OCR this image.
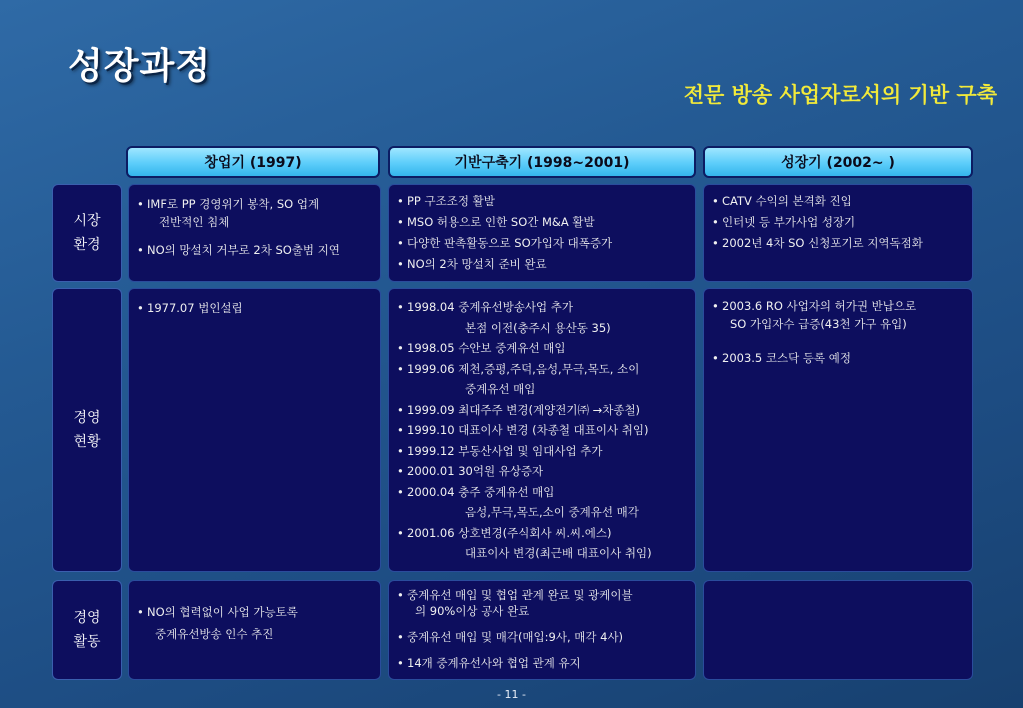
성장과정
전문 방송 사업자로서의 기반 구축
창업기 (1997)	기반구축기 (1998~2001)	성장기 (2002~ )
시장
환경
경영
현황
경영
활동
• IMF로 PP 경영위기 봉착, SO 업계
전반적인 침체
• NO의 망설치 거부로 2차 SO출범 지연
• PP 구조조정 활발
• MSO 허용으로 인한 SO간 M&A 활발
• 다양한 판촉활동으로 SO가입자 대폭증가
• NO의 2차 망설치 준비 완료
• CATV 수익의 본격화 진입
• 인터넷 등 부가사업 성장기
• 2002년 4차 SO 신청포기로 지역독점화
• 1977.07 법인설립
•	1998.04 중계유선방송사업 추가
본점 이전(충주시 용산동 35)
• 1998.05 수안보 중계유선 매입
• 1999.06 제천,증평,주덕,음성,무극,목도, 소이
중계유선 매입
• 1999.09 최대주주 변경(계양전기㈜ →차종철)
• 1999.10 대표이사 변경 (차종철 대표이사 취임)
• 1999.12 부동산사업 및 임대사업 추가
• 2000.01 30억원 유상증자
• 2000.04 충주 중계유선 매입
음성,무극,목도,소이 중계유선 매각
• 2001.06 상호변경(주식회사 씨.씨.에스)
대표이사 변경(최근배 대표이사 취임)
• 2003.6 RO 사업자의 허가권 반납으로
SO 가입자수 급증(43천 가구 유입)
• 2003.5 코스닥 등록 예정
• NO의 협력없이 사업 가능토록
중계유선방송 인수 추진
• 중계유선 매입 및 협업 관계 완료 및 광케이블
의 90%이상 공사 완료
• 중계유선 매입 및 매각(매입:9사, 매각 4사)
• 14개 중계유선사와 협업 관계 유지
- 11 -
